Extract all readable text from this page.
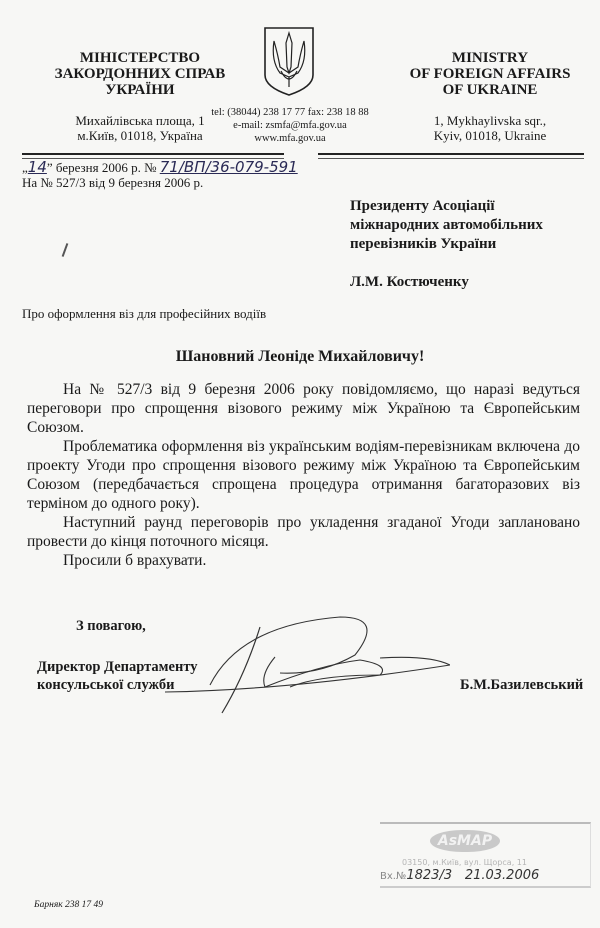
МІНІСТЕРСТВО
ЗАКОРДОННИХ СПРАВ
УКРАЇНИ
Михайлівська площа, 1
м.Київ, 01018, Україна
tel: (38044) 238 17 77 fax: 238 18 88
e-mail: zsmfa@mfa.gov.ua
www.mfa.gov.ua
MINISTRY
OF FOREIGN AFFAIRS
OF UKRAINE
1, Mykhaylivska sqr.,
Kyiv, 01018, Ukraine
„14” березня 2006 р. № 71/ВП/36-079-591
На № 527/3 від 9 березня 2006 р.
Президенту Асоціації
міжнародних автомобільних
перевізників України
Л.М. Костюченку
Про оформлення віз для професійних водіїв
Шановний Леоніде Михайловичу!

На № 527/3 від 9 березня 2006 року повідомляємо, що наразі ведуться переговори про спрощення візового режиму між Україною та Європейським Союзом.

Проблематика оформлення віз українським водіям-перевізникам включена до проекту Угоди про спрощення візового режиму між Україною та Європейським Союзом (передбачається спрощена процедура отримання багаторазових віз терміном до одного року).

Наступний раунд переговорів про укладення згаданої Угоди заплановано провести до кінця поточного місяця.

Просили б врахувати.

З повагою,
Директор Департаменту
консульської служби	Б.М.Базилевський
AsMAP
03150, м.Київ, вул. Щорса, 11
Вх.№1823/3 21.03.2006
Барняк 238 17 49
